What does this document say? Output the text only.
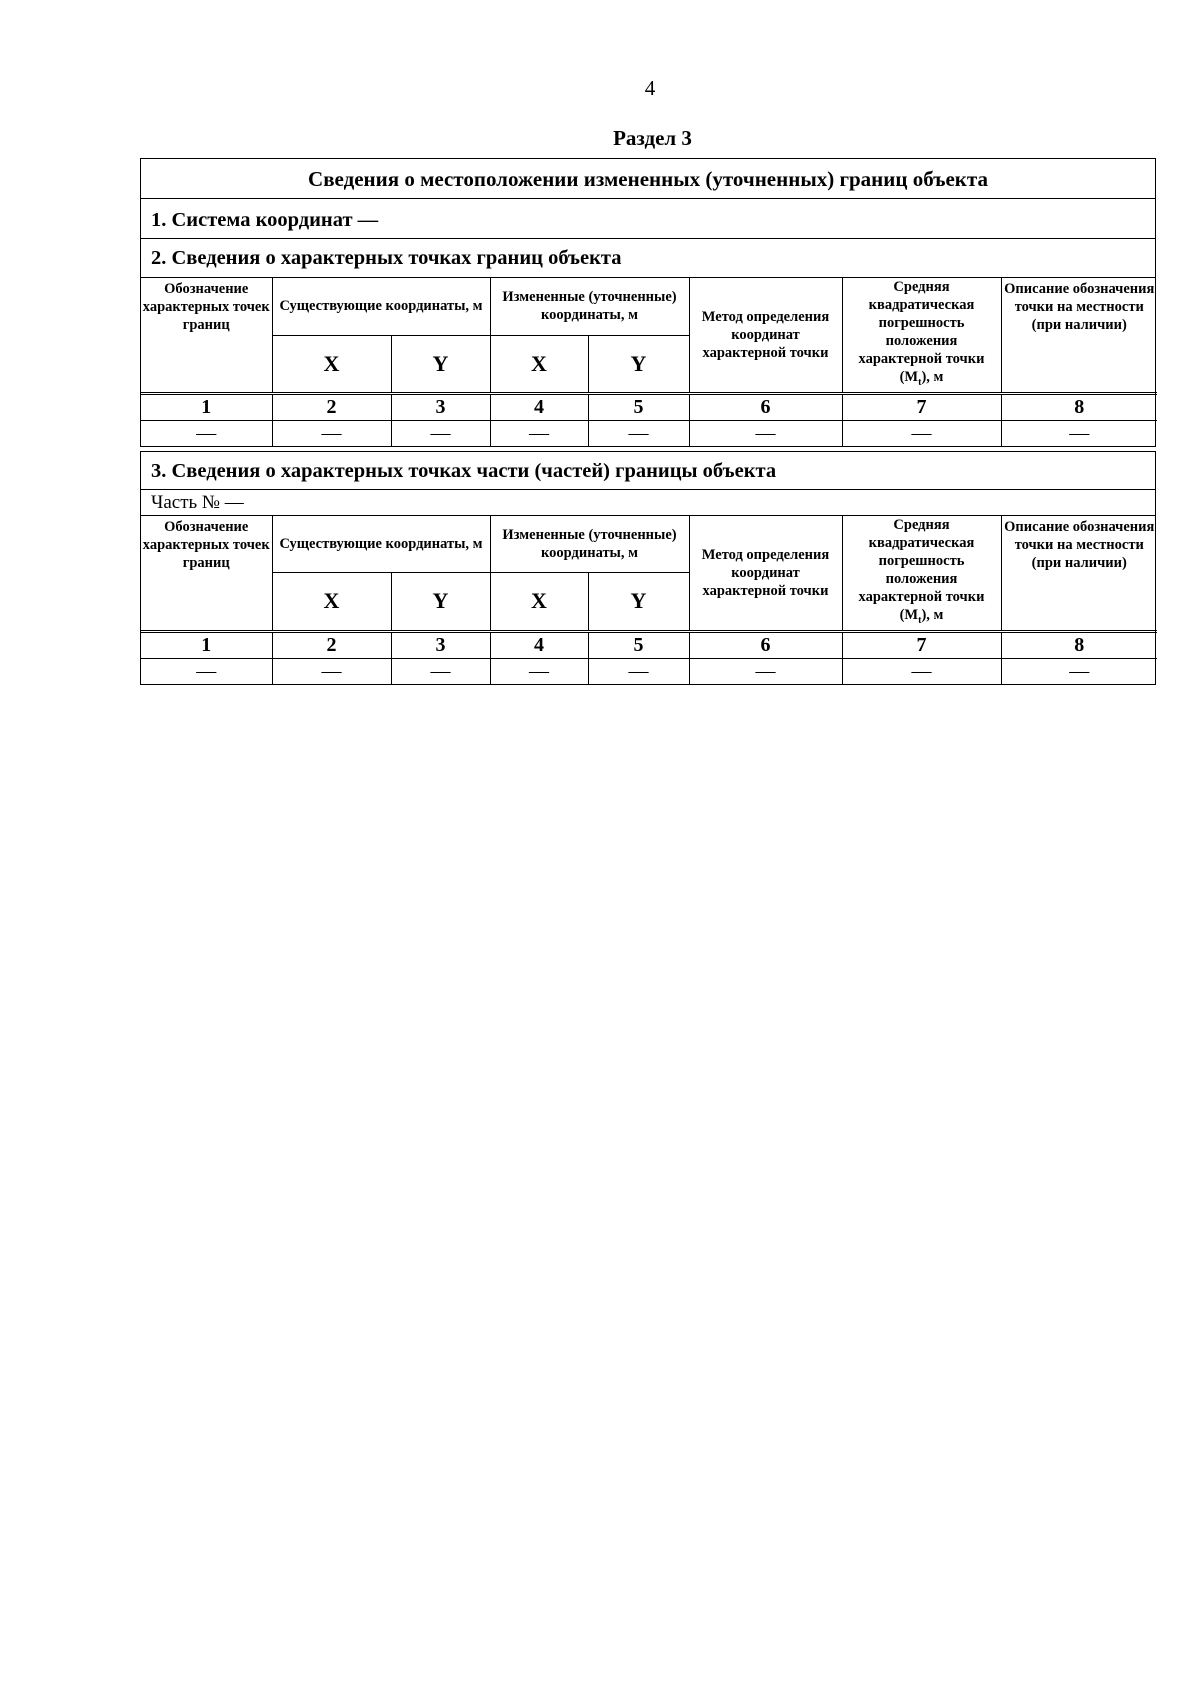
4
Раздел 3
Сведения о местоположении измененных (уточненных) границ объекта
1. Система координат —
2. Сведения о характерных точках границ объекта
Обозначение характерных точек границ	Существующие координаты, м		Измененные (уточненные) координаты, м		Метод определения координат характерной точки	Средняя квадратическая погрешность положения характерной точки $(M_t)$, м	Описание обозначения точки на местности (при наличии)
	X	Y	X	Y			

1	2	3	4	5	6	7	8
—	—	—	—	—	—	—	—
3. Сведения о характерных точках части (частей) границы объекта
Часть № —
Обозначение характерных точек границ	Существующие координаты, м		Измененные (уточненные) координаты, м		Метод определения координат характерной точки	Средняя квадратическая погрешность положения характерной точки $(M_t)$, м	Описание обозначения точки на местности (при наличии)
	X	Y	X	Y			

1	2	3	4	5	6	7	8
—	—	—	—	—	—	—	—
